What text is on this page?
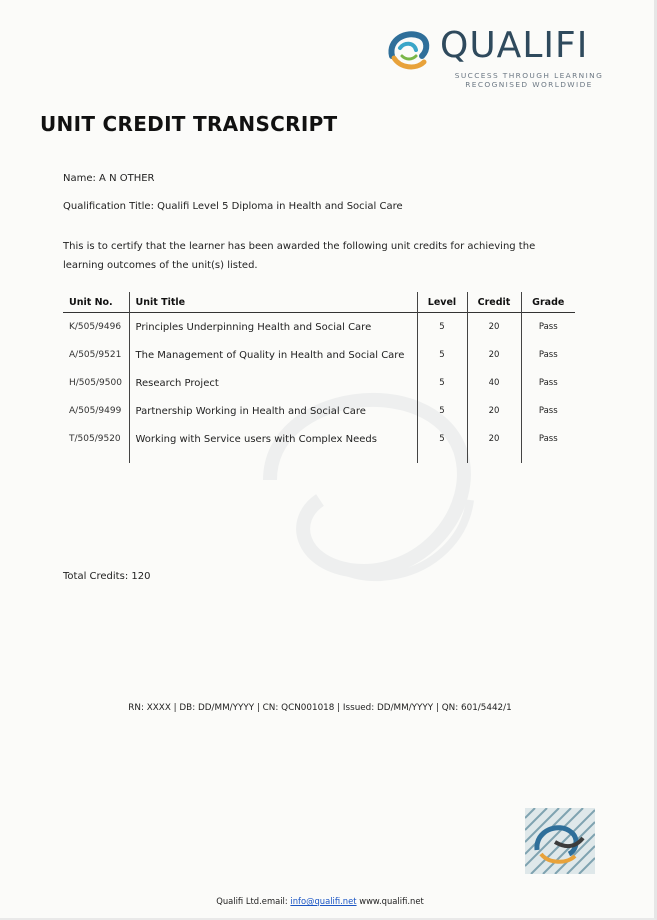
QUALIFI
SUCCESS THROUGH LEARNING
RECOGNISED WORLDWIDE
UNIT CREDIT TRANSCRIPT
Name: A N OTHER
Qualification Title: Qualifi Level 5 Diploma in Health and Social Care
This is to certify that the learner has been awarded the following unit credits for achieving the learning outcomes of the unit(s) listed.
Unit No.	Unit Title	Level	Credit	Grade
K/505/9496	Principles Underpinning Health and Social Care	5	20	Pass
A/505/9521	The Management of Quality in Health and Social Care	5	20	Pass
H/505/9500	Research Project	5	40	Pass
A/505/9499	Partnership Working in Health and Social Care	5	20	Pass
T/505/9520	Working with Service users with Complex Needs	5	20	Pass

Total Credits: 120
RN: XXXX | DB: DD/MM/YYYY | CN: QCN001018 | Issued: DD/MM/YYYY | QN: 601/5442/1
Qualifi Ltd.email: info@qualifi.net www.qualifi.net
